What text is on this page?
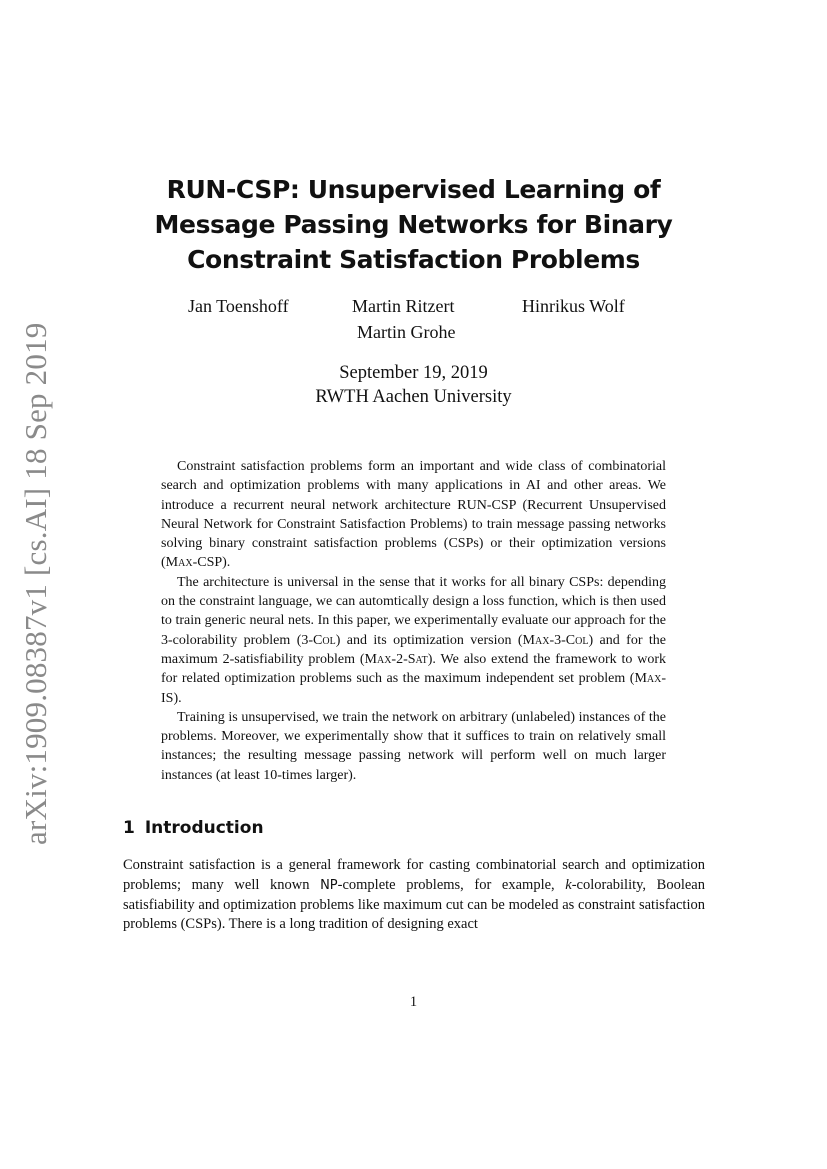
arXiv:1909.08387v1 [cs.AI] 18 Sep 2019
RUN-CSP: Unsupervised Learning of
Message Passing Networks for Binary
Constraint Satisfaction Problems
Jan Toenshoff	Martin Ritzert	Hinrikus Wolf
Martin Grohe
September 19, 2019
RWTH Aachen University

Constraint satisfaction problems form an important and wide class of combinatorial search and optimization problems with many applications in AI and other areas. We introduce a recurrent neural network architecture RUN-CSP (Recurrent Unsupervised Neural Network for Constraint Satisfaction Problems) to train message passing networks solving binary constraint satisfaction problems (CSPs) or their optimization versions (Max-CSP).

The architecture is universal in the sense that it works for all binary CSPs: depending on the constraint language, we can automtically design a loss function, which is then used to train generic neural nets. In this paper, we experimentally evaluate our approach for the 3-colorability problem (3-Col) and its optimization version (Max-3-Col) and for the maximum 2-satisfiability problem (Max-2-Sat). We also extend the framework to work for related optimization problems such as the maximum independent set problem (Max-IS).

Training is unsupervised, we train the network on arbitrary (unlabeled) instances of the problems. Moreover, we experimentally show that it suffices to train on relatively small instances; the resulting message passing network will perform well on much larger instances (at least 10-times larger).

1 Introduction

Constraint satisfaction is a general framework for casting combinatorial search and optimization problems; many well known NP-complete problems, for example, k-colorability, Boolean satisfiability and optimization problems like maximum cut can be modeled as constraint satisfaction problems (CSPs). There is a long tradition of designing exact

1
